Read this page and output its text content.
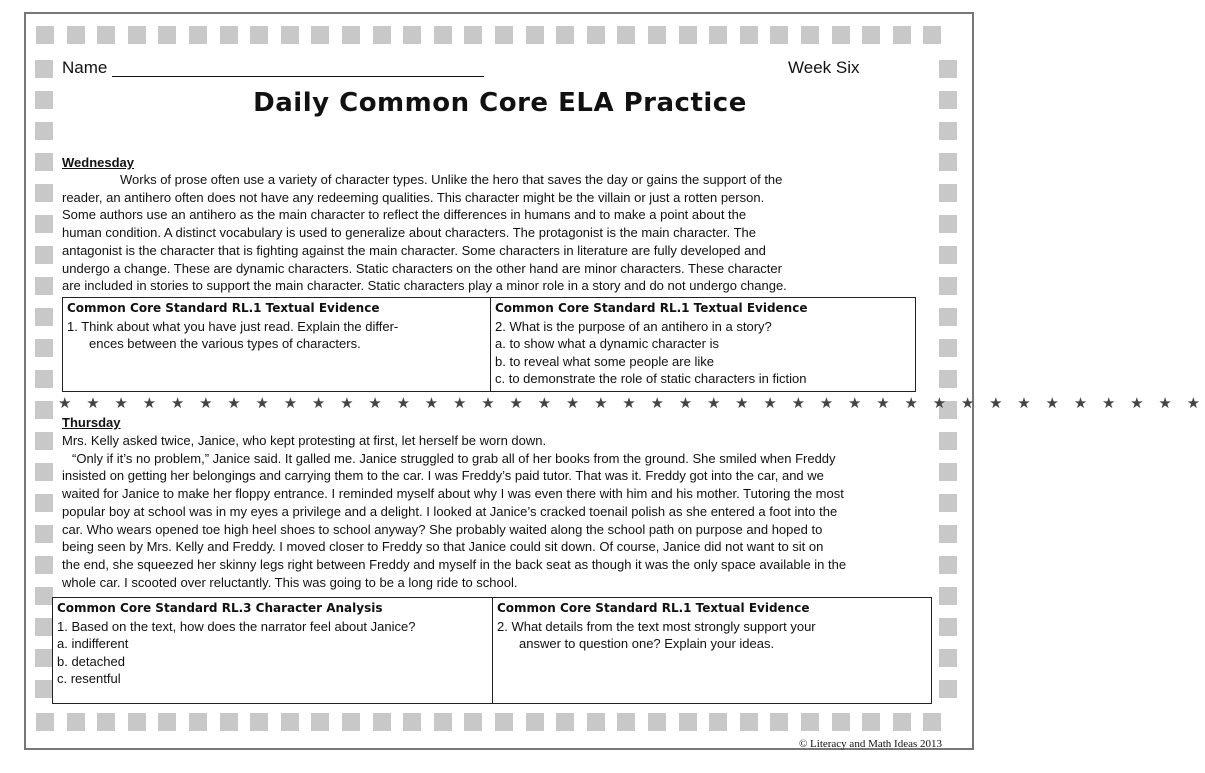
Name	Week Six
Daily Common Core ELA Practice
Wednesday
Works of prose often use a variety of character types. Unlike the hero that saves the day or gains the support of the
reader, an antihero often does not have any redeeming qualities. This character might be the villain or just a rotten person.
Some authors use an antihero as the main character to reflect the differences in humans and to make a point about the
human condition. A distinct vocabulary is used to generalize about characters. The protagonist is the main character. The
antagonist is the character that is fighting against the main character. Some characters in literature are fully developed and
undergo a change. These are dynamic characters. Static characters on the other hand are minor characters. These character
are included in stories to support the main character. Static characters play a minor role in a story and do not undergo change.
Common Core Standard RL.1 Textual Evidence
1. Think about what you have just read. Explain the differ-
ences between the various types of characters.
Common Core Standard RL.1 Textual Evidence
2. What is the purpose of an antihero in a story?
a. to show what a dynamic character is
b. to reveal what some people are like
c. to demonstrate the role of static characters in fiction
★ ★ ★ ★ ★ ★ ★ ★ ★ ★ ★ ★ ★ ★ ★ ★ ★ ★ ★ ★ ★ ★ ★ ★ ★ ★ ★ ★ ★ ★ ★ ★ ★ ★ ★ ★ ★ ★ ★ ★ ★
Thursday
Mrs. Kelly asked twice, Janice, who kept protesting at first, let herself be worn down.
“Only if it’s no problem,” Janice said. It galled me. Janice struggled to grab all of her books from the ground. She smiled when Freddy
insisted on getting her belongings and carrying them to the car. I was Freddy’s paid tutor. That was it. Freddy got into the car, and we
waited for Janice to make her floppy entrance. I reminded myself about why I was even there with him and his mother. Tutoring the most
popular boy at school was in my eyes a privilege and a delight. I looked at Janice’s cracked toenail polish as she entered a foot into the
car. Who wears opened toe high heel shoes to school anyway? She probably waited along the school path on purpose and hoped to
being seen by Mrs. Kelly and Freddy. I moved closer to Freddy so that Janice could sit down. Of course, Janice did not want to sit on
the end, she squeezed her skinny legs right between Freddy and myself in the back seat as though it was the only space available in the
whole car. I scooted over reluctantly. This was going to be a long ride to school.
Common Core Standard RL.3 Character Analysis
1. Based on the text, how does the narrator feel about Janice?
a. indifferent
b. detached
c. resentful
Common Core Standard RL.1 Textual Evidence
2. What details from the text most strongly support your
answer to question one? Explain your ideas.
© Literacy and Math Ideas 2013
